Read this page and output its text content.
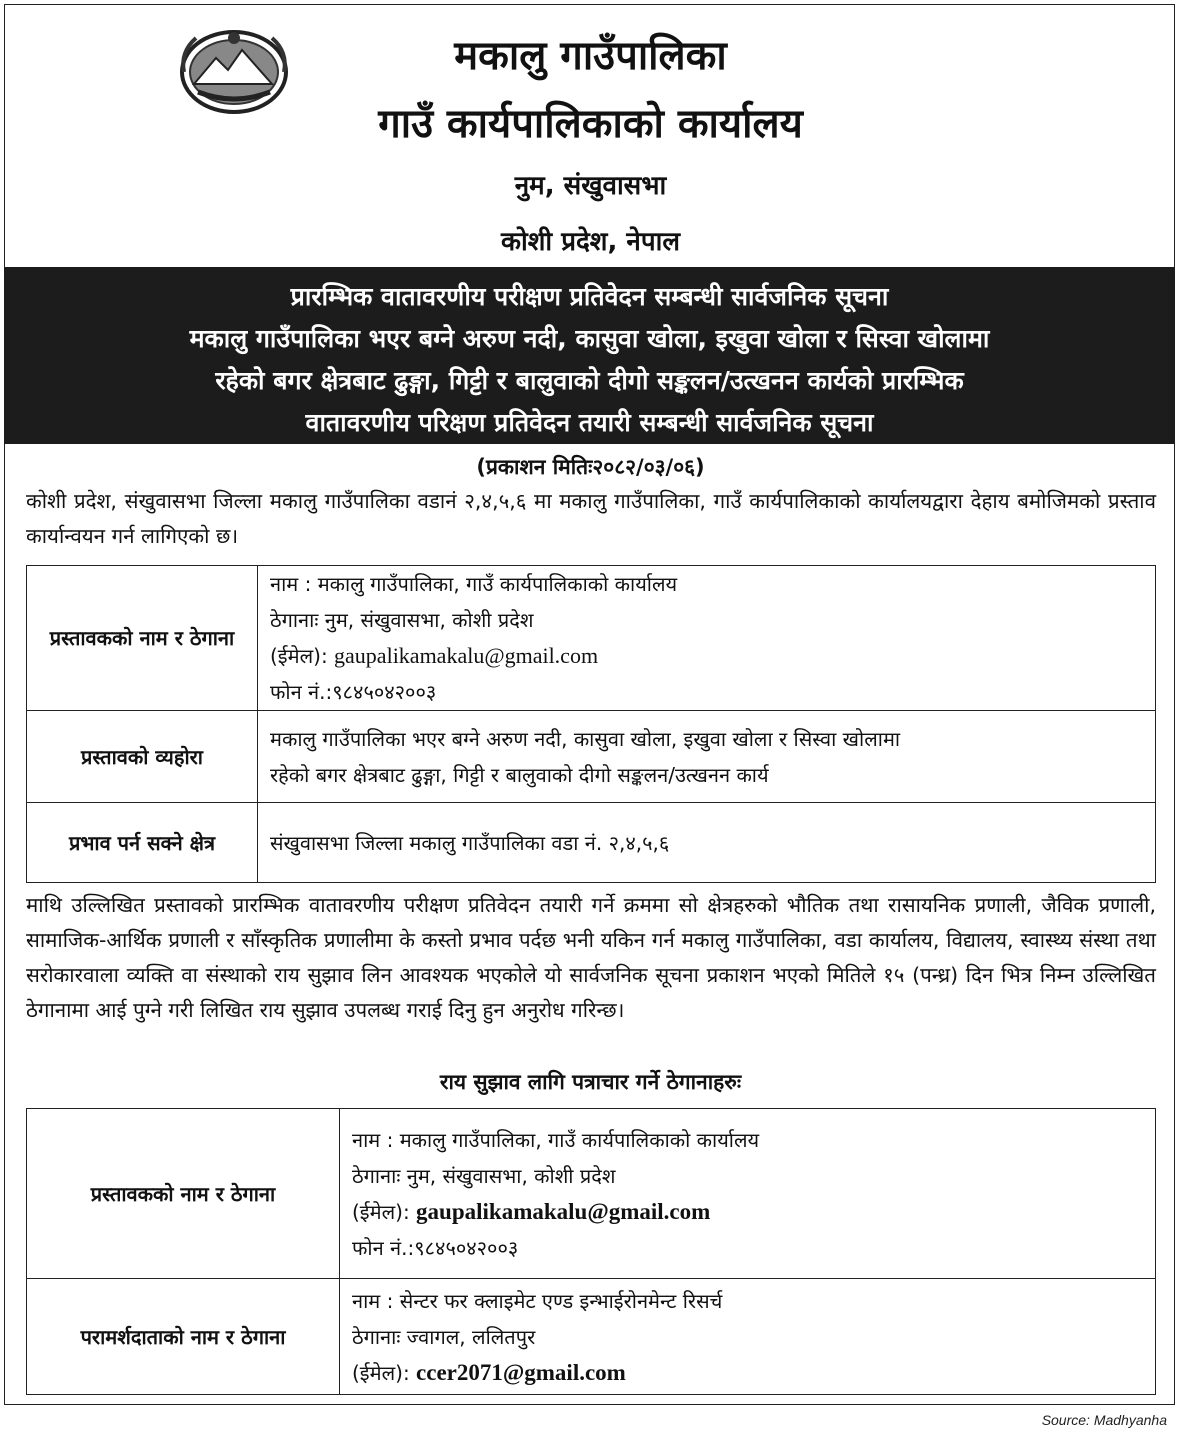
मकालु गाउँपालिका
गाउँ कार्यपालिकाको कार्यालय
नुम, संखुवासभा
कोशी प्रदेश, नेपाल
प्रारम्भिक वातावरणीय परीक्षण प्रतिवेदन सम्बन्धी सार्वजनिक सूचना
मकालु गाउँपालिका भएर बग्ने अरुण नदी, कासुवा खोला, इखुवा खोला र सिस्वा खोलामा
रहेको बगर क्षेत्रबाट ढुङ्गा, गिट्टी र बालुवाको दीगो सङ्कलन/उत्खनन कार्यको प्रारम्भिक
वातावरणीय परिक्षण प्रतिवेदन तयारी सम्बन्धी सार्वजनिक सूचना
(प्रकाशन मितिः२०८२/०३/०६)
कोशी प्रदेश, संखुवासभा जिल्ला मकालु गाउँपालिका वडानं २,४,५,६ मा मकालु गाउँपालिका, गाउँ कार्यपालिकाको कार्यालयद्वारा देहाय बमोजिमको प्रस्ताव कार्यान्वयन गर्न लागिएको छ।
प्रस्तावकको नाम र ठेगाना	नाम : मकालु गाउँपालिका, गाउँ कार्यपालिकाको कार्यालय
ठेगानाः नुम, संखुवासभा, कोशी प्रदेश
(ईमेल): gaupalikamakalu@gmail.com
फोन नं.:९८४५०४२००३

प्रस्तावको व्यहोरा	मकालु गाउँपालिका भएर बग्ने अरुण नदी, कासुवा खोला, इखुवा खोला र सिस्वा खोलामा
रहेको बगर क्षेत्रबाट ढुङ्गा, गिट्टी र बालुवाको दीगो सङ्कलन/उत्खनन कार्य

प्रभाव पर्न सक्ने क्षेत्र	संखुवासभा जिल्ला मकालु गाउँपालिका वडा नं. २,४,५,६
माथि उल्लिखित प्रस्तावको प्रारम्भिक वातावरणीय परीक्षण प्रतिवेदन तयारी गर्ने क्रममा सो क्षेत्रहरुको भौतिक तथा रासायनिक प्रणाली, जैविक प्रणाली, सामाजिक-आर्थिक प्रणाली र साँस्कृतिक प्रणालीमा के कस्तो प्रभाव पर्दछ भनी यकिन गर्न मकालु गाउँपालिका, वडा कार्यालय, विद्यालय, स्वास्थ्य संस्था तथा सरोकारवाला व्यक्ति वा संस्थाको राय सुझाव लिन आवश्यक भएकोले यो सार्वजनिक सूचना प्रकाशन भएको मितिले १५ (पन्ध्र) दिन भित्र निम्न उल्लिखित ठेगानामा आई पुग्ने गरी लिखित राय सुझाव उपलब्ध गराई दिनु हुन अनुरोध गरिन्छ।
राय सुझाव लागि पत्राचार गर्ने ठेगानाहरुः
प्रस्तावकको नाम र ठेगाना	नाम : मकालु गाउँपालिका, गाउँ कार्यपालिकाको कार्यालय
ठेगानाः नुम, संखुवासभा, कोशी प्रदेश
(ईमेल): gaupalikamakalu@gmail.com
फोन नं.:९८४५०४२००३

परामर्शदाताको नाम र ठेगाना	नाम : सेन्टर फर क्लाइमेट एण्ड इन्भाईरोनमेन्ट रिसर्च
ठेगानाः ज्वागल, ललितपुर
(ईमेल): ccer2071@gmail.com
Source: Madhyanha
